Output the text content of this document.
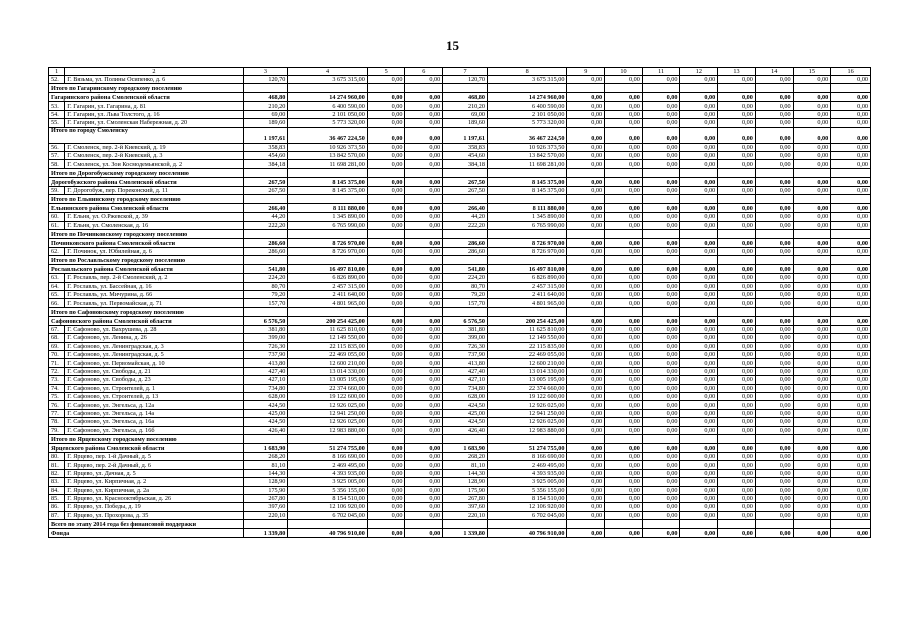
15
1	2	3	4	5	6	7	8	9	10	11	12	13	14	15	16
52.	Г. Вязьма, ул. Полины Осипенко, д. 6	120,70	3 675 315,00	0,00	0,00	120,70	3 675 315,00	0,00	0,00	0,00	0,00	0,00	0,00	0,00	0,00
Итого по Гагаринскому городскому поселению															
Гагаринского района Смоленской области		468,80	14 274 960,00	0,00	0,00	468,80	14 274 960,00	0,00	0,00	0,00	0,00	0,00	0,00	0,00	0,00
53.	Г. Гагарин, ул. Гагарина, д. 81	210,20	6 400 590,00	0,00	0,00	210,20	6 400 590,00	0,00	0,00	0,00	0,00	0,00	0,00	0,00	0,00
54.	Г. Гагарин, ул. Льва Толстого, д. 16	69,00	2 101 050,00	0,00	0,00	69,00	2 101 050,00	0,00	0,00	0,00	0,00	0,00	0,00	0,00	0,00
55.	Г. Гагарин, ул. Смоленская Набережная, д. 20	189,60	5 773 320,00	0,00	0,00	189,60	5 773 320,00	0,00	0,00	0,00	0,00	0,00	0,00	0,00	0,00
Итого по городу Смоленску		1 197,61	36 467 224,50	0,00	0,00	1 197,61	36 467 224,50	0,00	0,00	0,00	0,00	0,00	0,00	0,00	0,00
56.	Г. Смоленск, пер. 2-й Киевский, д. 19	358,83	10 926 373,50	0,00	0,00	358,83	10 926 373,50	0,00	0,00	0,00	0,00	0,00	0,00	0,00	0,00
57.	Г. Смоленск, пер. 2-й Киевский, д. 3	454,60	13 842 570,00	0,00	0,00	454,60	13 842 570,00	0,00	0,00	0,00	0,00	0,00	0,00	0,00	0,00
58.	Г. Смоленск, ул. Зои Космодемьянской, д. 2	384,18	11 698 281,00	0,00	0,00	384,18	11 698 281,00	0,00	0,00	0,00	0,00	0,00	0,00	0,00	0,00
Итого по Дорогобужскому городскому поселению															
Дорогобужского района Смоленской области		267,50	8 145 375,00	0,00	0,00	267,50	8 145 375,00	0,00	0,00	0,00	0,00	0,00	0,00	0,00	0,00
59.	Г. Дорогобуж, пер. Пореконский, д. 11	267,50	8 145 375,00	0,00	0,00	267,50	8 145 375,00	0,00	0,00	0,00	0,00	0,00	0,00	0,00	0,00
Итого по Ельнинскому городскому поселению															
Ельнинского района Смоленской области		266,40	8 111 880,00	0,00	0,00	266,40	8 111 880,00	0,00	0,00	0,00	0,00	0,00	0,00	0,00	0,00
60.	Г. Ельня, ул. О.Ржевской, д. 39	44,20	1 345 890,00	0,00	0,00	44,20	1 345 890,00	0,00	0,00	0,00	0,00	0,00	0,00	0,00	0,00
61.	Г. Ельня, ул. Смоленская, д. 16	222,20	6 765 990,00	0,00	0,00	222,20	6 765 990,00	0,00	0,00	0,00	0,00	0,00	0,00	0,00	0,00
Итого по Починковскому городскому поселению															
Починковского района Смоленской области		286,60	8 726 970,00	0,00	0,00	286,60	8 726 970,00	0,00	0,00	0,00	0,00	0,00	0,00	0,00	0,00
62.	Г. Починок, ул. Юбилейная, д. 6	286,60	8 726 970,00	0,00	0,00	286,60	8 726 970,00	0,00	0,00	0,00	0,00	0,00	0,00	0,00	0,00
Итого по Рославльскому городскому поселению															
Рославльского района Смоленской области		541,80	16 497 810,00	0,00	0,00	541,80	16 497 810,00	0,00	0,00	0,00	0,00	0,00	0,00	0,00	0,00
63.	Г. Рославль, пер. 2-й Смоленский, д. 2	224,20	6 826 890,00	0,00	0,00	224,20	6 826 890,00	0,00	0,00	0,00	0,00	0,00	0,00	0,00	0,00
64.	Г. Рославль, ул. Бассейная, д. 16	80,70	2 457 315,00	0,00	0,00	80,70	2 457 315,00	0,00	0,00	0,00	0,00	0,00	0,00	0,00	0,00
65.	Г. Рославль, ул. Мичурина, д. 66	79,20	2 411 640,00	0,00	0,00	79,20	2 411 640,00	0,00	0,00	0,00	0,00	0,00	0,00	0,00	0,00
66.	Г. Рославль, ул. Первомайская, д. 71	157,70	4 801 965,00	0,00	0,00	157,70	4 801 965,00	0,00	0,00	0,00	0,00	0,00	0,00	0,00	0,00
Итого по Сафоновскому городскому поселению															
Сафоновского района Смоленской области		6 576,50	200 254 425,00	0,00	0,00	6 576,50	200 254 425,00	0,00	0,00	0,00	0,00	0,00	0,00	0,00	0,00
67.	Г. Сафоново, ул. Вахрушева, д. 28	381,80	11 625 810,00	0,00	0,00	381,80	11 625 810,00	0,00	0,00	0,00	0,00	0,00	0,00	0,00	0,00
68.	Г. Сафоново, ул. Ленина, д. 26	399,00	12 149 550,00	0,00	0,00	399,00	12 149 550,00	0,00	0,00	0,00	0,00	0,00	0,00	0,00	0,00
69.	Г. Сафоново, ул. Ленинградская, д. 3	726,30	22 115 835,00	0,00	0,00	726,30	22 115 835,00	0,00	0,00	0,00	0,00	0,00	0,00	0,00	0,00
70.	Г. Сафоново, ул. Ленинградская, д. 5	737,90	22 469 055,00	0,00	0,00	737,90	22 469 055,00	0,00	0,00	0,00	0,00	0,00	0,00	0,00	0,00
71.	Г. Сафоново, ул. Первомайская, д. 10	413,80	12 600 210,00	0,00	0,00	413,80	12 600 210,00	0,00	0,00	0,00	0,00	0,00	0,00	0,00	0,00
72.	Г. Сафоново, ул. Свободы, д. 21	427,40	13 014 330,00	0,00	0,00	427,40	13 014 330,00	0,00	0,00	0,00	0,00	0,00	0,00	0,00	0,00
73.	Г. Сафоново, ул. Свободы, д. 23	427,10	13 005 195,00	0,00	0,00	427,10	13 005 195,00	0,00	0,00	0,00	0,00	0,00	0,00	0,00	0,00
74.	Г. Сафоново, ул. Строителей, д. 1	734,80	22 374 660,00	0,00	0,00	734,80	22 374 660,00	0,00	0,00	0,00	0,00	0,00	0,00	0,00	0,00
75.	Г. Сафоново, ул. Строителей, д. 13	628,00	19 122 600,00	0,00	0,00	628,00	19 122 600,00	0,00	0,00	0,00	0,00	0,00	0,00	0,00	0,00
76.	Г. Сафоново, ул. Энгельса, д. 12а	424,50	12 926 025,00	0,00	0,00	424,50	12 926 025,00	0,00	0,00	0,00	0,00	0,00	0,00	0,00	0,00
77.	Г. Сафоново, ул. Энгельса, д. 14а	425,00	12 941 250,00	0,00	0,00	425,00	12 941 250,00	0,00	0,00	0,00	0,00	0,00	0,00	0,00	0,00
78.	Г. Сафоново, ул. Энгельса, д. 16а	424,50	12 926 025,00	0,00	0,00	424,50	12 926 025,00	0,00	0,00	0,00	0,00	0,00	0,00	0,00	0,00
79.	Г. Сафоново, ул. Энгельса, д. 16б	426,40	12 983 880,00	0,00	0,00	426,40	12 983 880,00	0,00	0,00	0,00	0,00	0,00	0,00	0,00	0,00
Итого по Ярцевскому городскому поселению															
Ярцевского района Смоленской области		1 683,90	51 274 755,00	0,00	0,00	1 683,90	51 274 755,00	0,00	0,00	0,00	0,00	0,00	0,00	0,00	0,00
80.	Г. Ярцево, пер. 1-й Дачный, д. 5	268,20	8 166 690,00	0,00	0,00	268,20	8 166 690,00	0,00	0,00	0,00	0,00	0,00	0,00	0,00	0,00
81.	Г. Ярцево, пер. 2-й Дачный, д. 6	81,10	2 469 495,00	0,00	0,00	81,10	2 469 495,00	0,00	0,00	0,00	0,00	0,00	0,00	0,00	0,00
82.	Г. Ярцево, ул. Дачная, д. 5	144,30	4 393 935,00	0,00	0,00	144,30	4 393 935,00	0,00	0,00	0,00	0,00	0,00	0,00	0,00	0,00
83.	Г. Ярцево, ул. Кирпичная, д. 2	128,90	3 925 005,00	0,00	0,00	128,90	3 925 005,00	0,00	0,00	0,00	0,00	0,00	0,00	0,00	0,00
84.	Г. Ярцево, ул. Кирпичная, д. 2а	175,90	5 356 155,00	0,00	0,00	175,90	5 356 155,00	0,00	0,00	0,00	0,00	0,00	0,00	0,00	0,00
85.	Г. Ярцево, ул. Краснооктябрьская, д. 26	267,80	8 154 510,00	0,00	0,00	267,80	8 154 510,00	0,00	0,00	0,00	0,00	0,00	0,00	0,00	0,00
86.	Г. Ярцево, ул. Победы, д. 19	397,60	12 106 920,00	0,00	0,00	397,60	12 106 920,00	0,00	0,00	0,00	0,00	0,00	0,00	0,00	0,00
87.	Г. Ярцево, ул. Прохорова, д. 35	220,10	6 702 045,00	0,00	0,00	220,10	6 702 045,00	0,00	0,00	0,00	0,00	0,00	0,00	0,00	0,00
Всего по этапу 2014 года без финансовой поддержки															
Фонда		1 339,80	40 796 910,00	0,00	0,00	1 339,80	40 796 910,00	0,00	0,00	0,00	0,00	0,00	0,00	0,00	0,00
